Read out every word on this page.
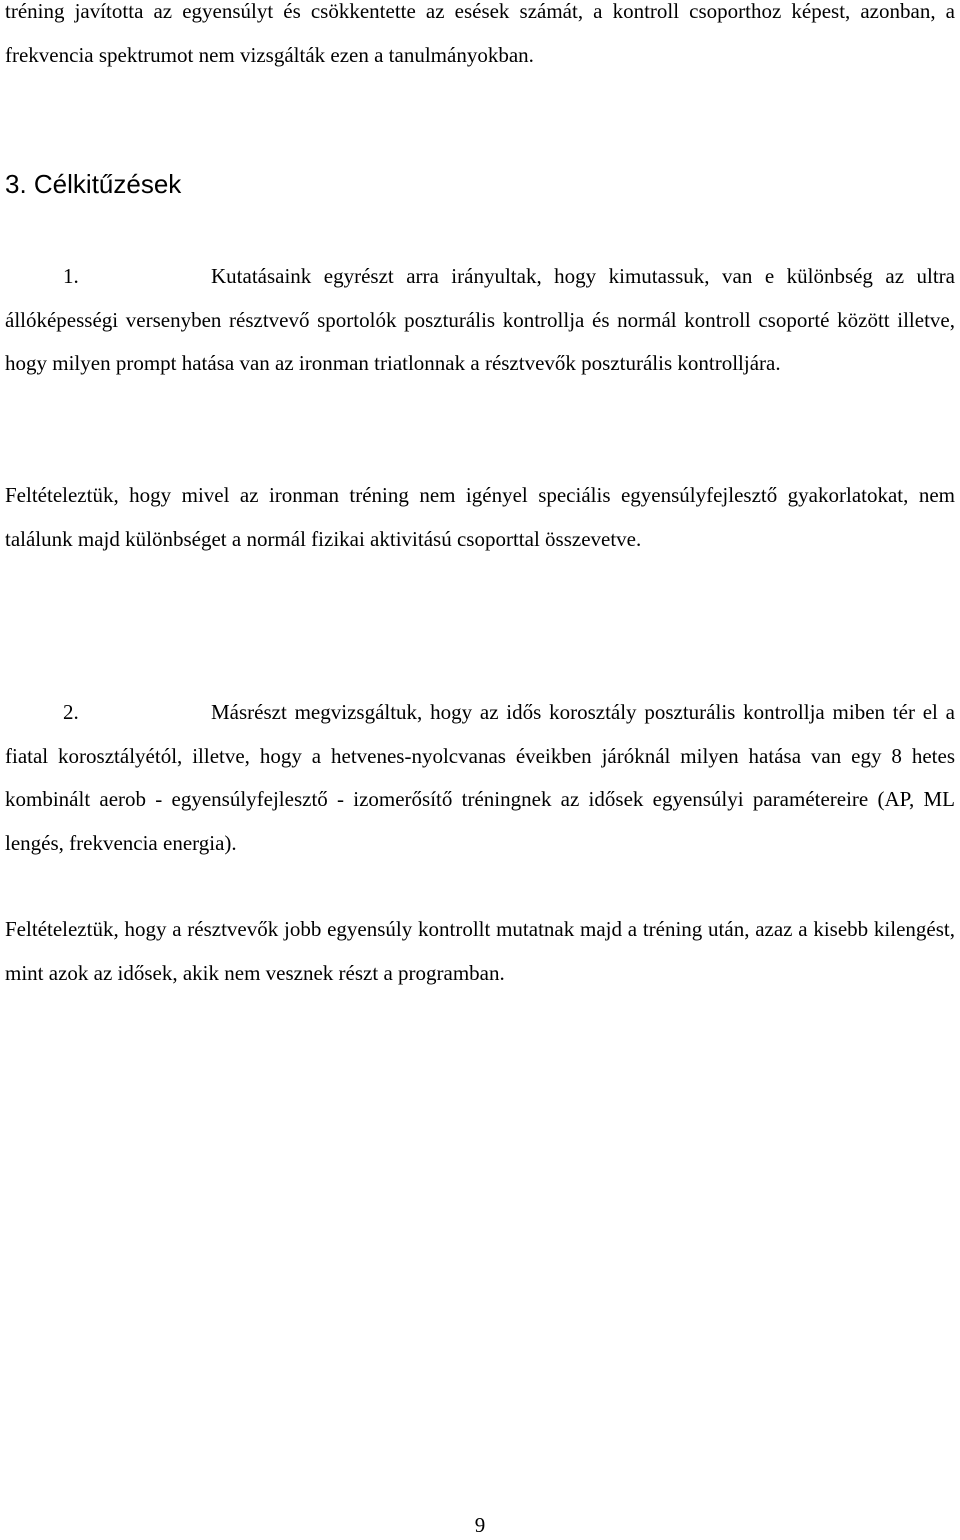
tréning javította az egyensúlyt és csökkentette az esések számát, a kontroll csoporthoz képest, azonban, a frekvencia spektrumot nem vizsgálták ezen a tanulmányokban.

3. Célkitűzések

1.	Kutatásaink egyrészt arra irányultak, hogy kimutassuk, van e különbség az ultra állóképességi versenyben résztvevő sportolók poszturális kontrollja és normál kontroll csoporté között illetve, hogy milyen prompt hatása van az ironman triatlonnak a résztvevők poszturális kontrolljára.

Feltételeztük, hogy mivel az ironman tréning nem igényel speciális egyensúlyfejlesztő gyakorlatokat, nem találunk majd különbséget a normál fizikai aktivitású csoporttal összevetve.

2.	Másrészt megvizsgáltuk, hogy az idős korosztály poszturális kontrollja miben tér el a fiatal korosztályétól, illetve, hogy a hetvenes-nyolcvanas éveikben járóknál milyen hatása van egy 8 hetes kombinált aerob - egyensúlyfejlesztő - izomerősítő tréningnek az idősek egyensúlyi paramétereire (AP, ML lengés, frekvencia energia).

Feltételeztük, hogy a résztvevők jobb egyensúly kontrollt mutatnak majd a tréning után, azaz a kisebb kilengést, mint azok az idősek, akik nem vesznek részt a programban.

9
